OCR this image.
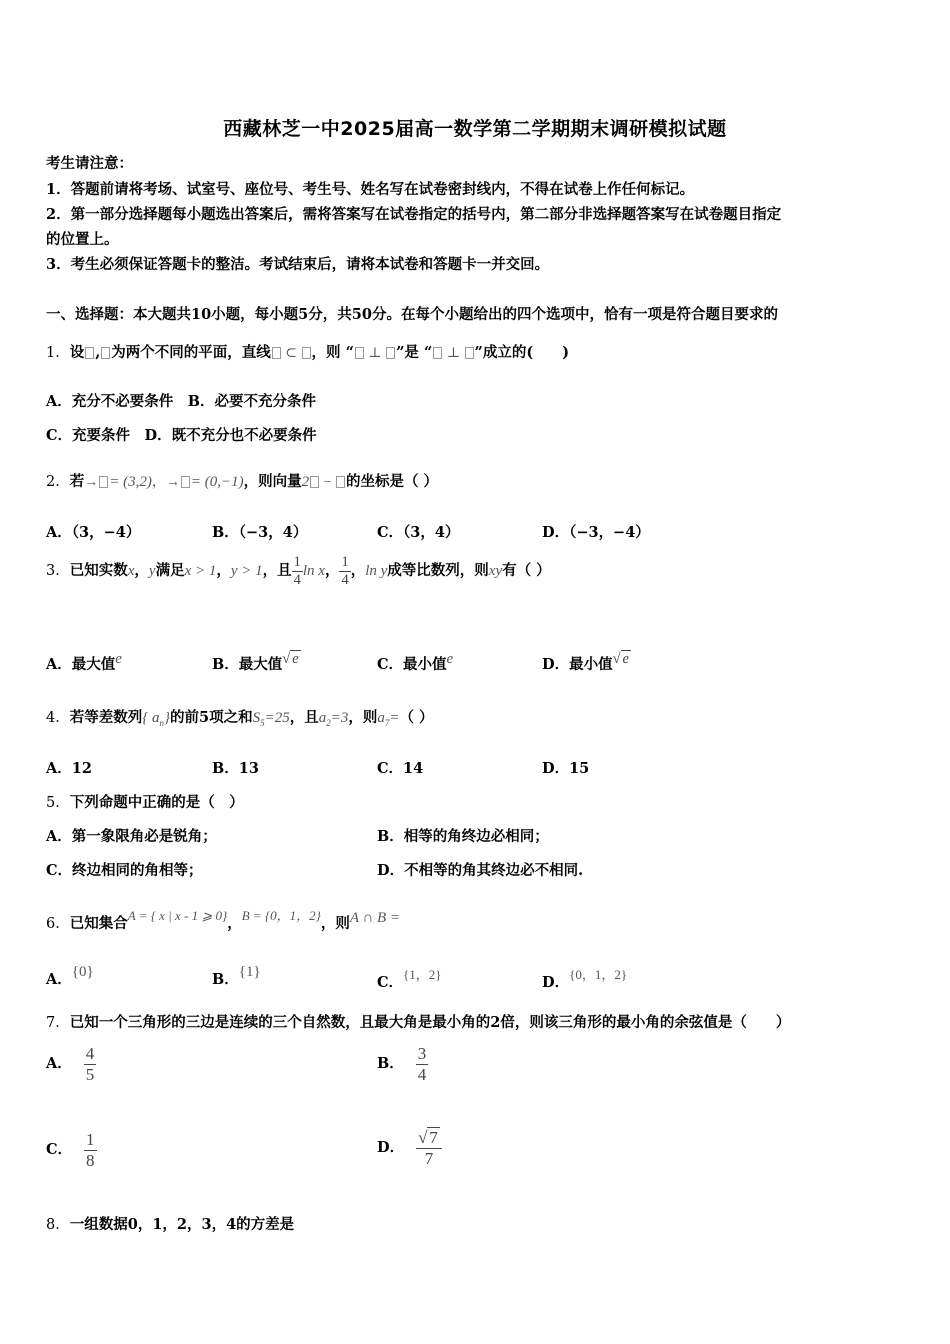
西藏林芝一中2025届高一数学第二学期期末调研模拟试题
考生请注意：
1．答题前请将考场、试室号、座位号、考生号、姓名写在试卷密封线内，不得在试卷上作任何标记。
2．第一部分选择题每小题选出答案后，需将答案写在试卷指定的括号内，第二部分非选择题答案写在试卷题目指定
的位置上。
3．考生必须保证答题卡的整洁。考试结束后，请将本试卷和答题卡一并交回。
一、选择题：本大题共10小题，每小题5分，共50分。在每个小题给出的四个选项中，恰有一项是符合题目要求的
1．设 , 为两个不同的平面，直线 ⊂ ，则 “ ⊥ ”是 “ ⊥ ”成立的(　　)
A．充分不必要条件　B．必要不充分条件
C．充要条件　D．既不充分也不必要条件
2．若→ = (3,2)，→ = (0,−1)，则向量2 − 的坐标是（ ）
A．（3，−4）	B．（−3，4）	C．（3，4）	D．（−3，−4）
3．已知实数x，y满足x > 1，y > 1，且 $\frac{1}{4}$ ln x， $\frac{1}{4}$ ，ln y成等比数列，则xy有（ ）
A．最大值e	B．最大值√ e	C．最小值e	D．最小值√ e
4．若等差数列{ $a_n$}的前5项之和$S_5=25$，且$a_2=3$，则$a_7=$（ ）
A．12	B．13	C．14	D．15
5．下列命题中正确的是（　）
A．第一象限角必是锐角；	B．相等的角终边必相同；
C．终边相同的角相等；	D．不相等的角其终边必不相同.
6．已知集合A = { x | x - 1 ⩾ 0}，B = {0，1，2}，则A ∩ B =
A．{0}	B．{1}
C．{1，2}	D．{0，1，2}
7．已知一个三角形的三边是连续的三个自然数，且最大角是最小角的2倍，则该三角形的最小角的余弦值是（　　）
A． $\frac{4}{5}$	B． $\frac{3}{4}$
C． $\frac{1}{8}$	D． $\frac{√ 7}{7}$
8．一组数据0，1，2，3，4的方差是
